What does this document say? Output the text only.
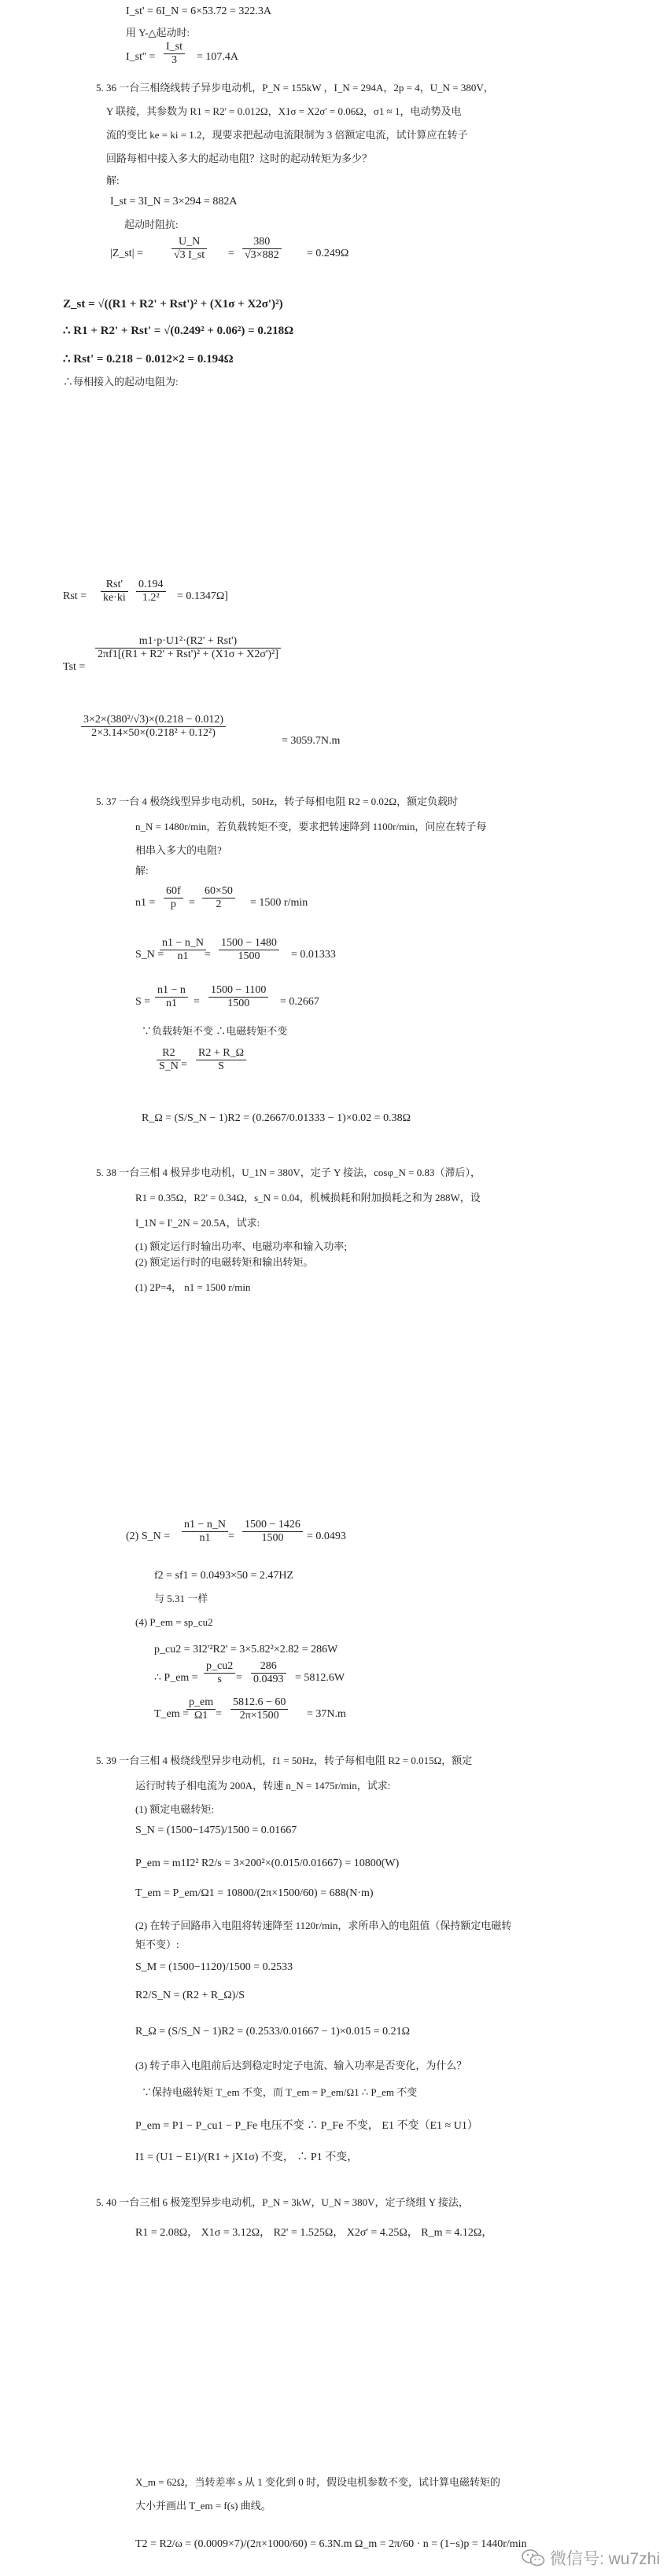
I_st' = 6I_N = 6×53.72 = 322.3A
用 Y-△起动时:
I_st'' =	= 107.4A
5. 36 一台三相绕线转子异步电动机，P_N = 155kW ，I_N = 294A，2p = 4，U_N = 380V，
Y 联接，其参数为 R1 = R2' = 0.012Ω，X1σ = X2σ' = 0.06Ω，σ1 ≈ 1，电动势及电
流的变比 ke = ki = 1.2，现要求把起动电流限制为 3 倍额定电流，试计算应在转子
回路每相中接入多大的起动电阻？这时的起动转矩为多少？
解:
I_st = 3I_N = 3×294 = 882A
起动时阻抗:
|Z_st| =	=	= 0.249Ω
Z_st = √((R1 + R2' + Rst')² + (X1σ + X2σ')²)
∴ R1 + R2' + Rst' = √(0.249² + 0.06²) = 0.218Ω
∴ Rst' = 0.218 − 0.012×2 = 0.194Ω
∴每相接入的起动电阻为:
Rst =	= 0.1347Ω]
Tst =
= 3059.7N.m
5. 37 一台 4 极绕线型异步电动机，50Hz，转子每相电阻 R2 = 0.02Ω，额定负载时
n_N = 1480r/min，若负载转矩不变，要求把转速降到 1100r/min，问应在转子每
相串入多大的电阻?
解:
n1 =	=	= 1500 r/min
S_N =	=	= 0.01333
S =	=	= 0.2667
∵负载转矩不变 ∴电磁转矩不变
=
R_Ω = (S/S_N − 1)R2 = (0.2667/0.01333 − 1)×0.02 = 0.38Ω
5. 38 一台三相 4 极异步电动机，U_1N = 380V，定子 Y 接法，cosφ_N = 0.83（滞后），
R1 = 0.35Ω，R2' = 0.34Ω，s_N = 0.04，机械损耗和附加损耗之和为 288W，设
I_1N = I'_2N = 20.5A，试求:
(1) 额定运行时输出功率、电磁功率和输入功率;
(2) 额定运行时的电磁转矩和输出转矩。
(1) 2P=4， n1 = 1500 r/min
(2) S_N =	=	= 0.0493
f2 = sf1 = 0.0493×50 = 2.47HZ
与 5.31 一样
(4) P_em = sp_cu2
p_cu2 = 3I2'²R2' = 3×5.82²×2.82 = 286W
∴ P_em =	=	= 5812.6W
T_em = =	= 37N.m
5. 39 一台三相 4 极绕线型异步电动机，f1 = 50Hz，转子每相电阻 R2 = 0.015Ω，额定
运行时转子相电流为 200A，转速 n_N = 1475r/min，试求:
(1) 额定电磁转矩:
S_N = (1500−1475)/1500 = 0.01667
P_em = m1I2² R2/s = 3×200²×(0.015/0.01667) = 10800(W)
T_em = P_em/Ω1 = 10800/(2π×1500/60) = 688(N·m)
(2) 在转子回路串入电阻将转速降至 1120r/min，求所串入的电阻值（保持额定电磁转
矩不变）:
S_M = (1500−1120)/1500 = 0.2533
R2/S_N = (R2 + R_Ω)/S
R_Ω = (S/S_N − 1)R2 = (0.2533/0.01667 − 1)×0.015 = 0.21Ω
(3) 转子串入电阻前后达到稳定时定子电流、输入功率是否变化，为什么？
∵保持电磁转矩 T_em 不变，而 T_em = P_em/Ω1 ∴ P_em 不变
P_em = P1 − P_cu1 − P_Fe 电压不变 ∴ P_Fe 不变， E1 不变（E1 ≈ U1）
I1 = (U1 − E1)/(R1 + jX1σ) 不变， ∴ P1 不变，
5. 40 一台三相 6 极笼型异步电动机，P_N = 3kW，U_N = 380V，定子绕组 Y 接法，
R1 = 2.08Ω， X1σ = 3.12Ω， R2' = 1.525Ω， X2σ' = 4.25Ω， R_m = 4.12Ω，
X_m = 62Ω，当转差率 s 从 1 变化到 0 时，假设电机参数不变，试计算电磁转矩的
大小并画出 T_em = f(s) 曲线。
T2 = R2/ω = (0.0009×7)/(2π×1000/60) = 6.3N.m Ω_m = 2π/60 · n = (1−s)p = 1440r/min
$\frac{I\_st}{3}$
$\frac{U\_N}{√3 I\_st}$	$\frac{380}{√3\times 882}$
$\frac{\text{Rst'}}{ke\cdot ki} \frac{0.194}{\text{1.2²}}$
$\frac{\text{m1·p·U1²·(R2' + Rst')}}{\text{2πf1[(R1 + R2' + Rst')² + (X1σ + X2σ')²]}}$
$\frac{\text{3×2×(380²/√3)×(0.218 − 0.012)}}{\text{2×3.14×50×(0.218² + 0.12²)}}$
$\frac{60f}{p} \frac{60\times 50}{2}$
$\frac{n1 - n\_N}{n1} \frac{1500 - 1480}{1500}$
$\frac{n1 - n}{n1} \frac{1500 - 1100}{1500}$
$\frac{R2}{S\_N} \frac{R2 + R\_\Omega}{S}$
$\frac{n1 - n\_N}{n1} \frac{1500 - 1426}{1500}$
$\frac{p\_cu2}{s} \frac{286}{0.0493}$
$\frac{p\_em}{\Omega 1} \frac{5812.6 - 60}{2\pi\times 1500}$
微信号: wu7zhi
